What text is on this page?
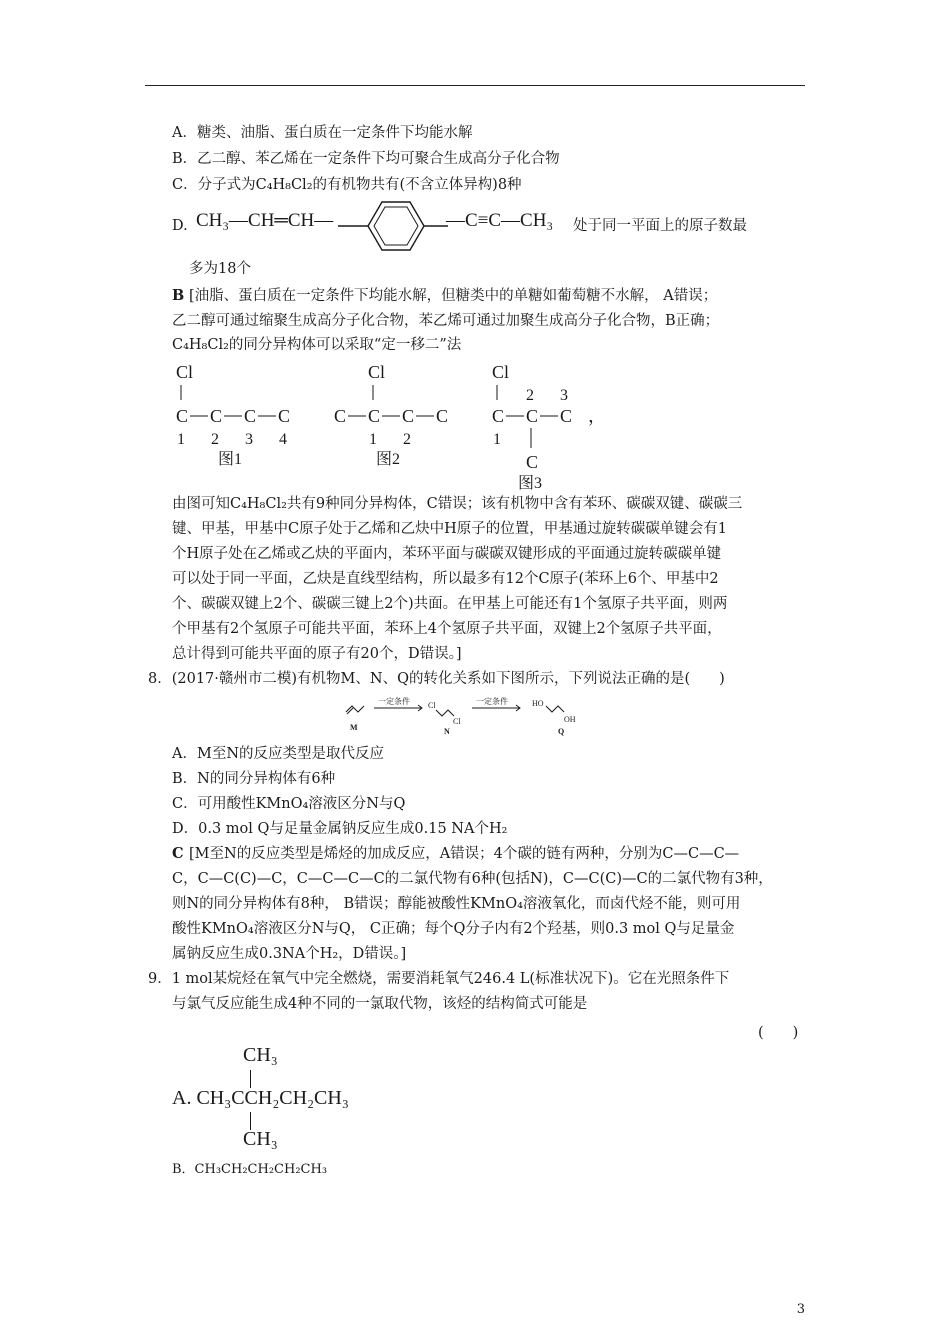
A．糖类、油脂、蛋白质在一定条件下均能水解
B．乙二醇、苯乙烯在一定条件下均可聚合生成高分子化合物
C．分子式为C₄H₈Cl₂的有机物共有(不含立体异构)8种
D. CH₃—CH═CH—	—C≡C—CH₃ 处于同一平面上的原子数最
多为18个
B [油脂、蛋白质在一定条件下均能水解，但糖类中的单糖如葡萄糖不水解， A错误；
乙二醇可通过缩聚生成高分子化合物，苯乙烯可通过加聚生成高分子化合物，B正确；
C₄H₈Cl₂的同分异构体可以采取“定一移二”法
Cl
C C C C
1 2 3 4
图1
Cl
C C C C
1 2
图2
Cl
2 3
C C C ，
1
C
图3
由图可知C₄H₈Cl₂共有9种同分异构体，C错误；该有机物中含有苯环、碳碳双键、碳碳三
键、甲基，甲基中C原子处于乙烯和乙炔中H原子的位置，甲基通过旋转碳碳单键会有1
个H原子处在乙烯或乙炔的平面内，苯环平面与碳碳双键形成的平面通过旋转碳碳单键
可以处于同一平面，乙炔是直线型结构，所以最多有12个C原子(苯环上6个、甲基中2
个、碳碳双键上2个、碳碳三键上2个)共面。在甲基上可能还有1个氢原子共平面，则两
个甲基有2个氢原子可能共平面，苯环上4个氢原子共平面，双键上2个氢原子共平面，
总计得到可能共平面的原子有20个，D错误。]
8．(2017·赣州市二模)有机物M、N、Q的转化关系如下图所示，下列说法正确的是(　　)
一定条件	一定条件
Cl
Cl
HO
OH
M	N	Q
A．M至N的反应类型是取代反应
B．N的同分异构体有6种
C．可用酸性KMnO₄溶液区分N与Q
D．0.3 mol Q与足量金属钠反应生成0.15 NA个H₂
C [M至N的反应类型是烯烃的加成反应，A错误；4个碳的链有两种，分别为C—C—C—
C，C—C(C)—C，C—C—C—C的二氯代物有6种(包括N)，C—C(C)—C的二氯代物有3种，
则N的同分异构体有8种， B错误；醇能被酸性KMnO₄溶液氧化，而卤代烃不能，则可用
酸性KMnO₄溶液区分N与Q， C正确；每个Q分子内有2个羟基，则0.3 mol Q与足量金
属钠反应生成0.3NA个H₂，D错误。]
9．1 mol某烷烃在氧气中完全燃烧，需要消耗氧气246.4 L(标准状况下)。它在光照条件下
与氯气反应能生成4种不同的一氯取代物，该烃的结构简式可能是
(　　)
CH₃
A. CH₃CCH₂CH₂CH₃
CH₃
B．CH₃CH₂CH₂CH₂CH₃
3
